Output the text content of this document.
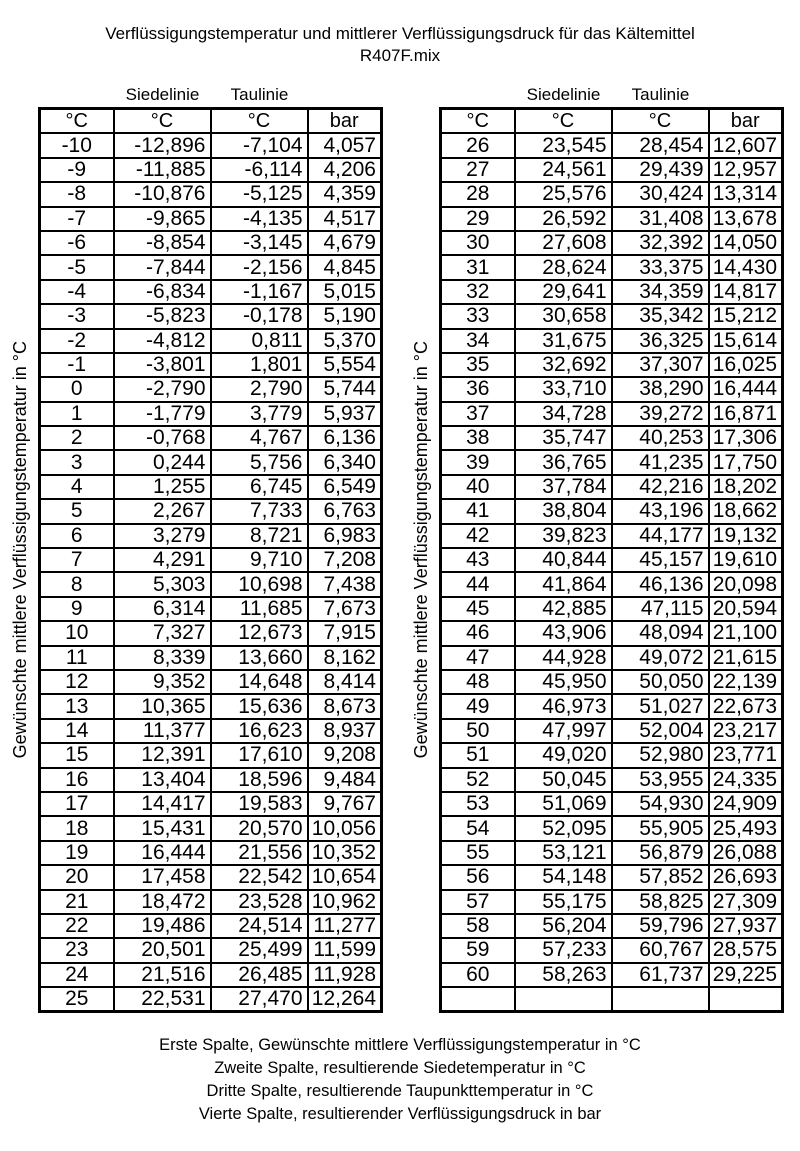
Verflüssigungstemperatur und mittlerer Verflüssigungsdruck für das Kältemittel
R407F.mix
Gewünschte mittlere Verflüssigungstemperatur in °C
Siedelinie	Taulinie
°C	°C	°C	bar
-10	-12,896	-7,104	4,057
-9	-11,885	-6,114	4,206
-8	-10,876	-5,125	4,359
-7	-9,865	-4,135	4,517
-6	-8,854	-3,145	4,679
-5	-7,844	-2,156	4,845
-4	-6,834	-1,167	5,015
-3	-5,823	-0,178	5,190
-2	-4,812	0,811	5,370
-1	-3,801	1,801	5,554
0	-2,790	2,790	5,744
1	-1,779	3,779	5,937
2	-0,768	4,767	6,136
3	0,244	5,756	6,340
4	1,255	6,745	6,549
5	2,267	7,733	6,763
6	3,279	8,721	6,983
7	4,291	9,710	7,208
8	5,303	10,698	7,438
9	6,314	11,685	7,673
10	7,327	12,673	7,915
11	8,339	13,660	8,162
12	9,352	14,648	8,414
13	10,365	15,636	8,673
14	11,377	16,623	8,937
15	12,391	17,610	9,208
16	13,404	18,596	9,484
17	14,417	19,583	9,767
18	15,431	20,570	10,056
19	16,444	21,556	10,352
20	17,458	22,542	10,654
21	18,472	23,528	10,962
22	19,486	24,514	11,277
23	20,501	25,499	11,599
24	21,516	26,485	11,928
25	22,531	27,470	12,264
Gewünschte mittlere Verflüssigungstemperatur in °C
Siedelinie	Taulinie
°C	°C	°C	bar
26	23,545	28,454	12,607
27	24,561	29,439	12,957
28	25,576	30,424	13,314
29	26,592	31,408	13,678
30	27,608	32,392	14,050
31	28,624	33,375	14,430
32	29,641	34,359	14,817
33	30,658	35,342	15,212
34	31,675	36,325	15,614
35	32,692	37,307	16,025
36	33,710	38,290	16,444
37	34,728	39,272	16,871
38	35,747	40,253	17,306
39	36,765	41,235	17,750
40	37,784	42,216	18,202
41	38,804	43,196	18,662
42	39,823	44,177	19,132
43	40,844	45,157	19,610
44	41,864	46,136	20,098
45	42,885	47,115	20,594
46	43,906	48,094	21,100
47	44,928	49,072	21,615
48	45,950	50,050	22,139
49	46,973	51,027	22,673
50	47,997	52,004	23,217
51	49,020	52,980	23,771
52	50,045	53,955	24,335
53	51,069	54,930	24,909
54	52,095	55,905	25,493
55	53,121	56,879	26,088
56	54,148	57,852	26,693
57	55,175	58,825	27,309
58	56,204	59,796	27,937
59	57,233	60,767	28,575
60	58,263	61,737	29,225

Erste Spalte, Gewünschte mittlere Verflüssigungstemperatur in °C
Zweite Spalte, resultierende Siedetemperatur in °C
Dritte Spalte, resultierende Taupunkttemperatur in °C
Vierte Spalte, resultierender Verflüssigungsdruck in bar
